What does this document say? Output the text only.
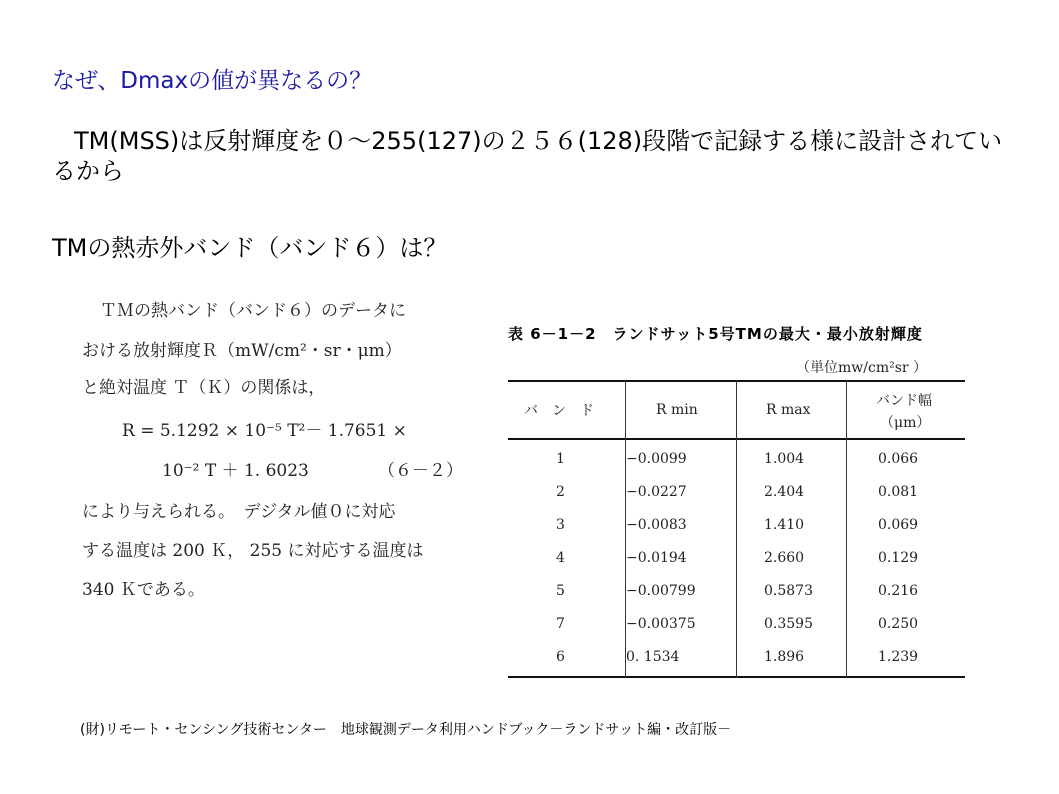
なぜ、Dmaxの値が異なるの？
TM(MSS)は反射輝度を０～255(127)の２５６(128)段階で記録する様に設計されているから
TMの熱赤外バンド（バンド６）は？
ＴＭの熱バンド（バンド６）のデータに
おける放射輝度Ｒ（mW/cm²・sr・μm）
と絶対温度 Ｔ（Ｋ）の関係は，
R = 5.1292 × 10⁻⁵ T²－ 1.7651 ×
10⁻² T ＋ 1. 6023	（６－２）
により与えられる。　デジタル値０に対応
する温度は 200 Ｋ， 255 に対応する温度は
340 Ｋである。
表 6－1－2　ランドサット5号TMの最大・最小放射輝度
（単位mw/cm²sr ）
バ　ン　ド	R min	R max
バンド幅
（μm）
1	−0.0099	1.004	0.066
2	−0.0227	2.404	0.081
3	−0.0083	1.410	0.069
4	−0.0194	2.660	0.129
5	−0.00799	0.5873	0.216
7	−0.00375	0.3595	0.250
6	0. 1534	1.896	1.239
(財)リモート・センシング技術センター　地球観測データ利用ハンドブック－ランドサット編・改訂版－
